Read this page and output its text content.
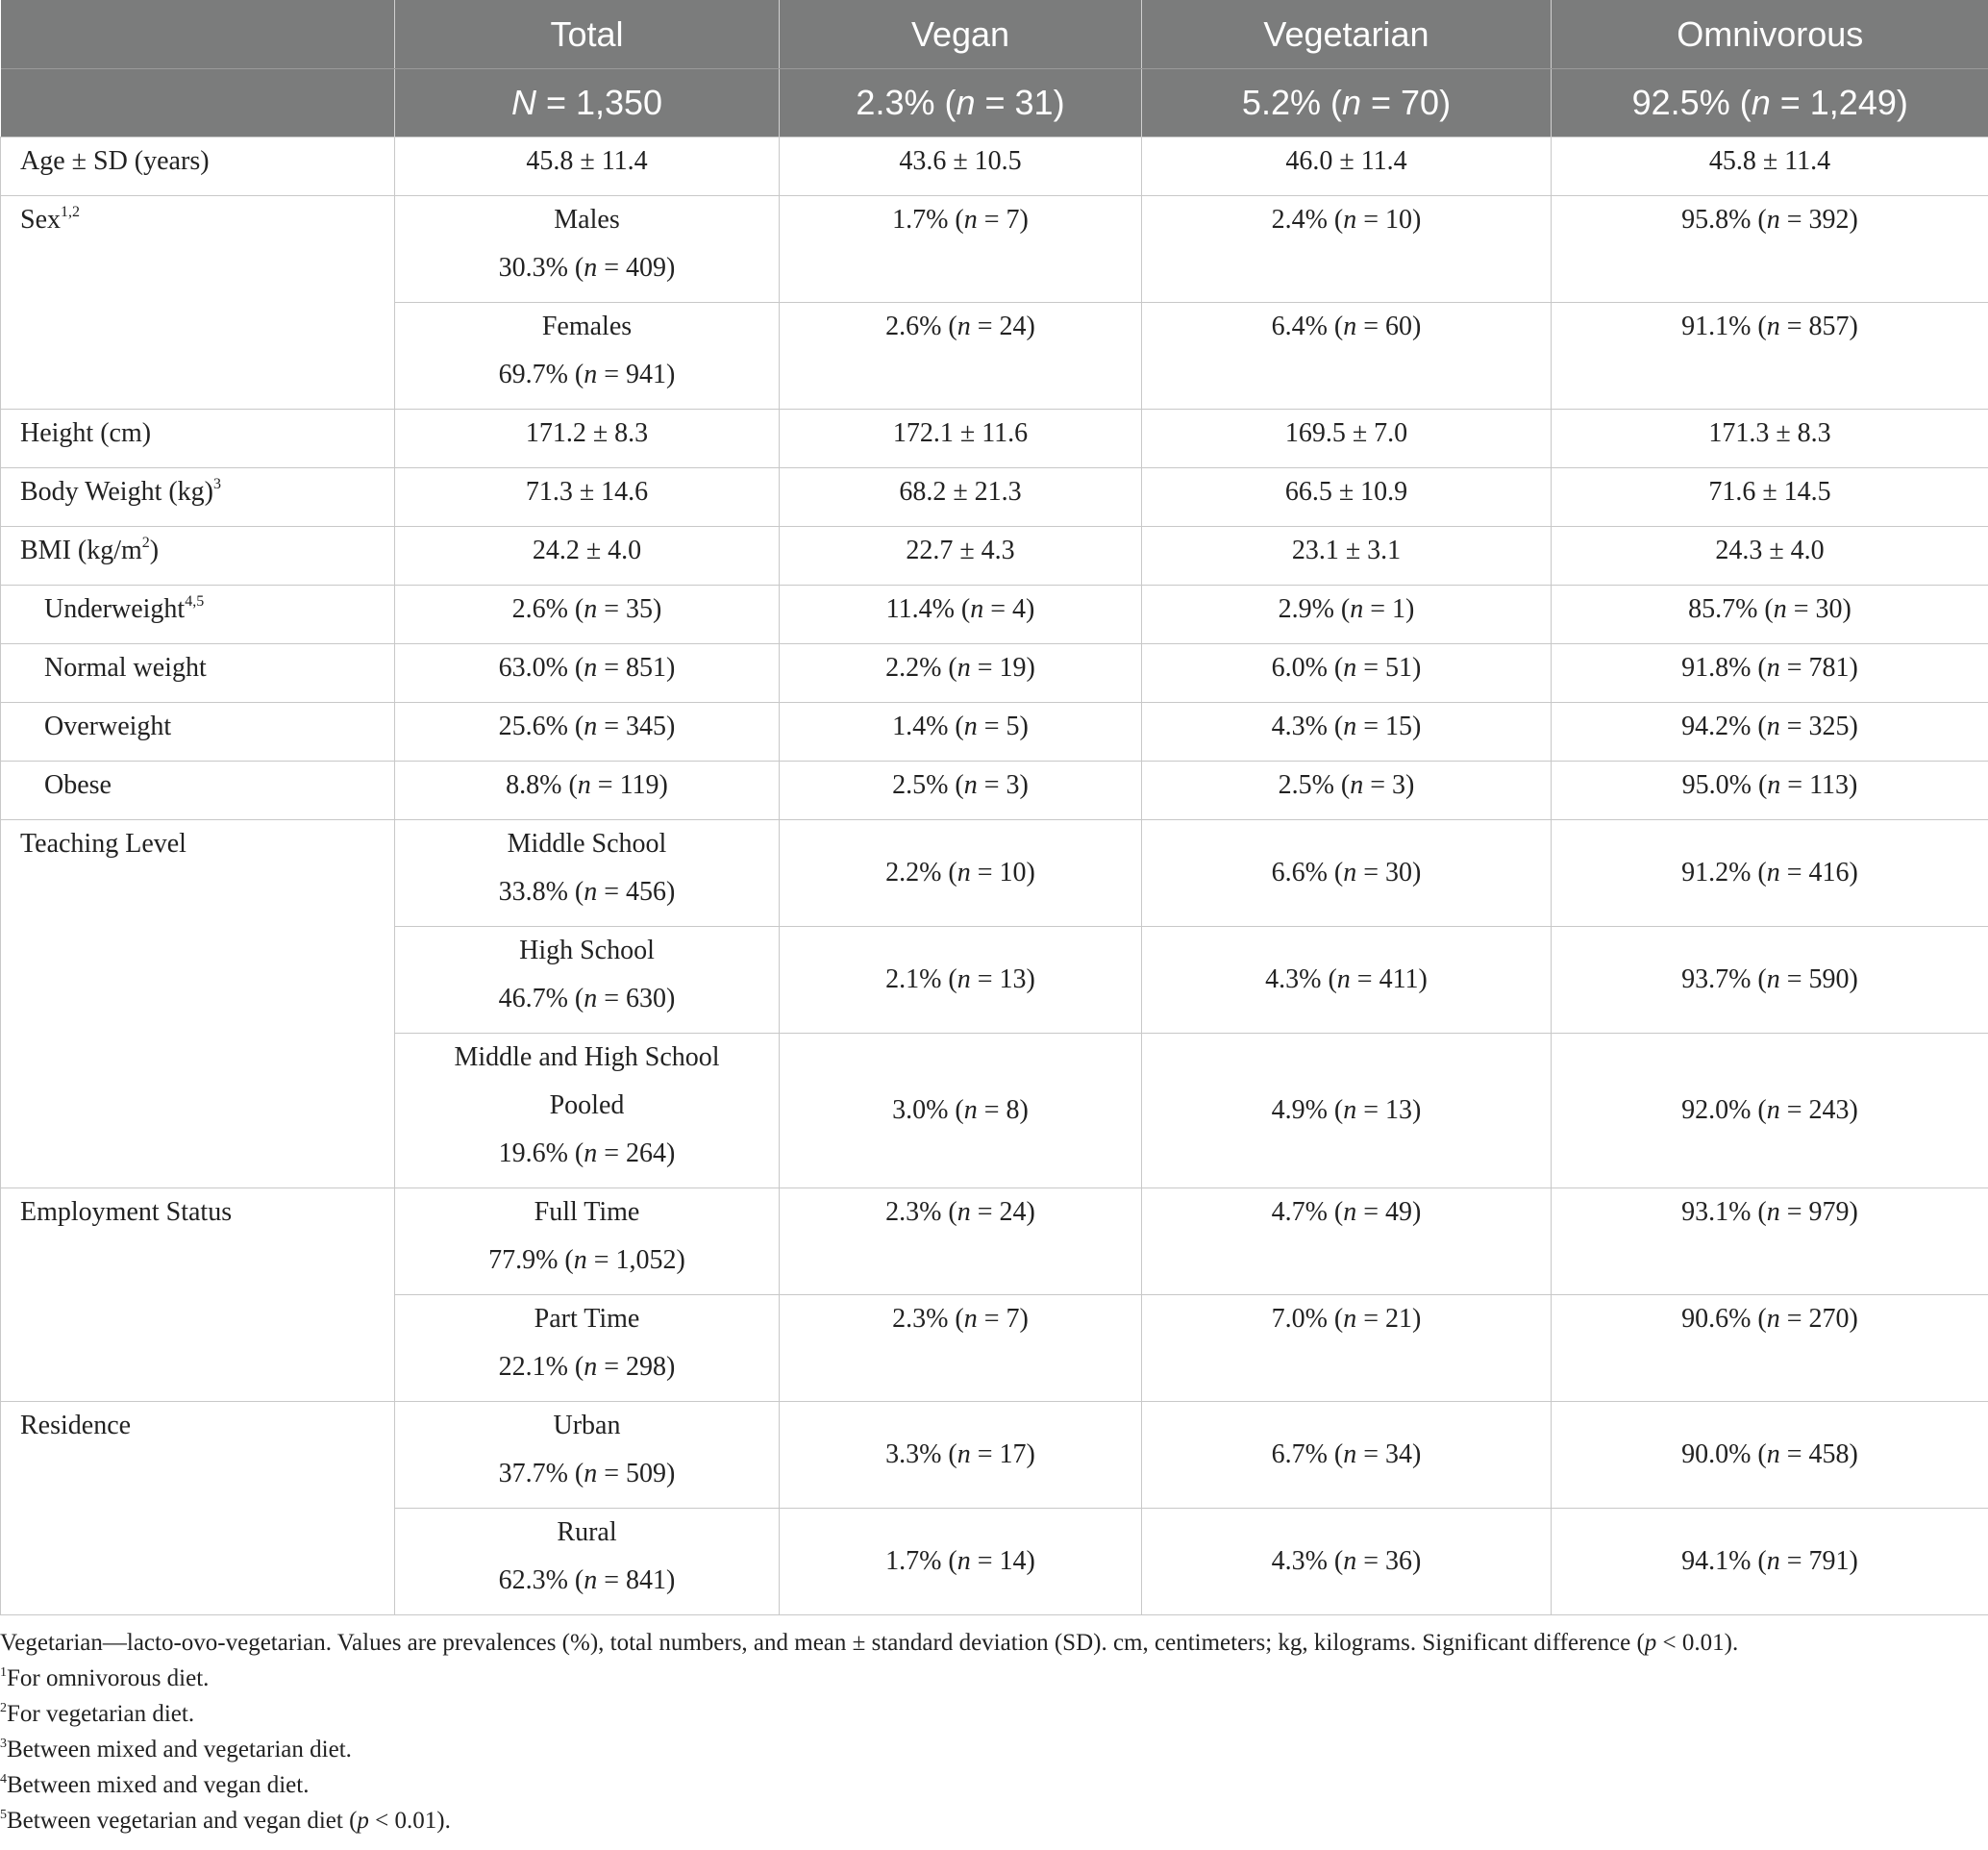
	Total	Vegan	Vegetarian	Omnivorous
	N = 1,350	2.3% (n = 31)	5.2% (n = 70)	92.5% (n = 1,249)
Age ± SD (years)	45.8 ± 11.4	43.6 ± 10.5	46.0 ± 11.4	45.8 ± 11.4
Sex$^{1,2}$	Males
30.3% (n = 409)	1.7% (n = 7)	2.4% (n = 10)	95.8% (n = 392)

	Females
69.7% (n = 941)	2.6% (n = 24)	6.4% (n = 60)	91.1% (n = 857)
Height (cm)	171.2 ± 8.3	172.1 ± 11.6	169.5 ± 7.0	171.3 ± 8.3
Body Weight (kg)$^3$	71.3 ± 14.6	68.2 ± 21.3	66.5 ± 10.9	71.6 ± 14.5
BMI $(kg/m^2)$	24.2 ± 4.0	22.7 ± 4.3	23.1 ± 3.1	24.3 ± 4.0
Underweight$^{4,5}$	2.6% (n = 35)	11.4% (n = 4)	2.9% (n = 1)	85.7% (n = 30)
Normal weight	63.0% (n = 851)	2.2% (n = 19)	6.0% (n = 51)	91.8% (n = 781)
Overweight	25.6% (n = 345)	1.4% (n = 5)	4.3% (n = 15)	94.2% (n = 325)
Obese	8.8% (n = 119)	2.5% (n = 3)	2.5% (n = 3)	95.0% (n = 113)
Teaching Level	Middle School
33.8% (n = 456)	2.2% (n = 10)	6.6% (n = 30)	91.2% (n = 416)

	High School
46.7% (n = 630)	2.1% (n = 13)	4.3% (n = 411)	93.7% (n = 590)

	Middle and High School
Pooled
19.6% (n = 264)	3.0% (n = 8)	4.9% (n = 13)	92.0% (n = 243)
Employment Status	Full Time
77.9% (n = 1,052)	2.3% (n = 24)	4.7% (n = 49)	93.1% (n = 979)

	Part Time
22.1% (n = 298)	2.3% (n = 7)	7.0% (n = 21)	90.6% (n = 270)
Residence	Urban
37.7% (n = 509)	3.3% (n = 17)	6.7% (n = 34)	90.0% (n = 458)

	Rural
62.3% (n = 841)	1.7% (n = 14)	4.3% (n = 36)	94.1% (n = 791)
Vegetarian—lacto-ovo-vegetarian. Values are prevalences (%), total numbers, and mean ± standard deviation (SD). cm, centimeters; kg, kilograms. Significant difference (p < 0.01).
$^1$For omnivorous diet.
$^2$For vegetarian diet.
$^3$Between mixed and vegetarian diet.
$^4$Between mixed and vegan diet.
$^5$Between vegetarian and vegan diet (p < 0.01).
